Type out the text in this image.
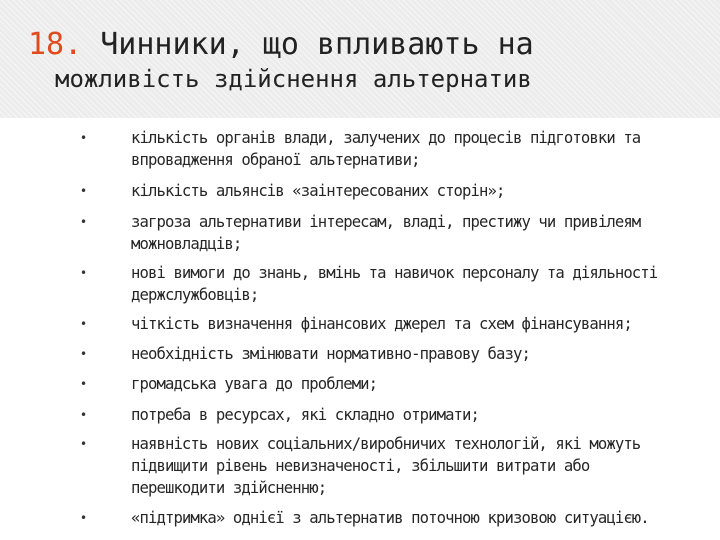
18. Чинники, що впливають на
можливість здійснення альтернатив
•	кількість органів влади, залучених до процесів підготовки та
впровадження обраної альтернативи;
•	кількість альянсів «заінтересованих сторін»;
•	загроза альтернативи інтересам, владі, престижу чи привілеям
можновладців;
•	нові вимоги до знань, вмінь та навичок персоналу та діяльності
держслужбовців;
•	чіткість визначення фінансових джерел та схем фінансування;
•	необхідність змінювати нормативно-правову базу;
•	громадська увага до проблеми;
•	потреба в ресурсах, які складно отримати;
•	наявність нових соціальних/виробничих технологій, які можуть
підвищити рівень невизначеності, збільшити витрати або
перешкодити здійсненню;
•	«підтримка» однієї з альтернатив поточною кризовою ситуацією.
